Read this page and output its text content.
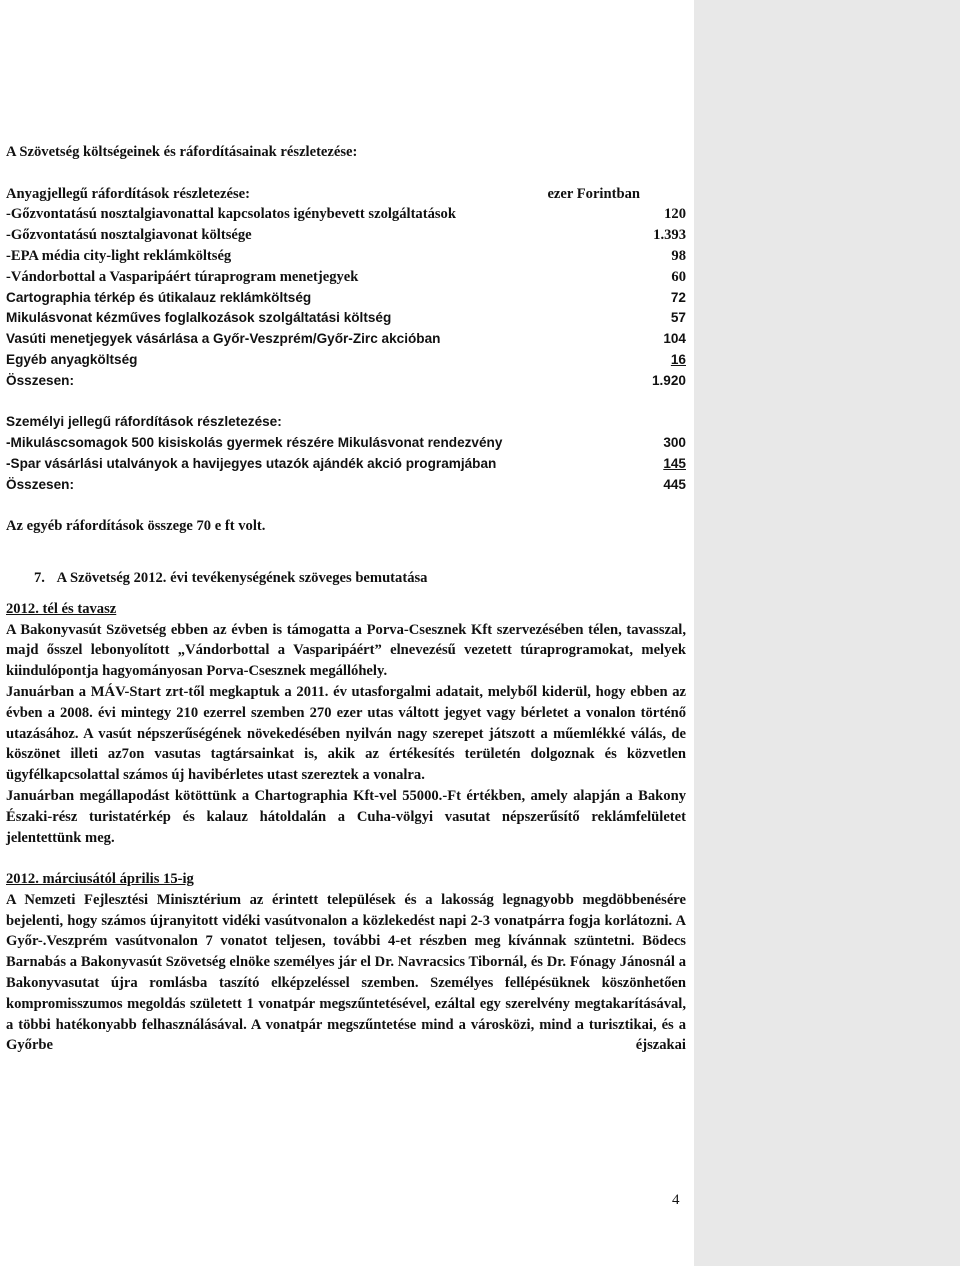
A Szövetség költségeinek és ráfordításainak részletezése:
Anyagjellegű ráfordítások részletezése:	ezer Forintban
-Gőzvontatású nosztalgiavonattal kapcsolatos igénybevett szolgáltatások	120
-Gőzvontatású nosztalgiavonat költsége	1.393
-EPA média city-light reklámköltség	98
-Vándorbottal a Vasparipáért túraprogram menetjegyek	60
Cartographia térkép és útikalauz reklámköltség	72
Mikulásvonat kézműves foglalkozások szolgáltatási költség	57
Vasúti menetjegyek vásárlása a Győr-Veszprém/Győr-Zirc akcióban	104
Egyéb anyagköltség	16
Összesen:	1.920
Személyi jellegű ráfordítások részletezése:
-Mikuláscsomagok 500 kisiskolás gyermek részére Mikulásvonat rendezvény	300
-Spar vásárlási utalványok a havijegyes utazók ajándék akció programjában	145
Összesen:	445
Az egyéb ráfordítások összege 70 e ft volt.
7. A Szövetség 2012. évi tevékenységének szöveges bemutatása
2012. tél és tavasz

A Bakonyvasút Szövetség ebben az évben is támogatta a Porva-Csesznek Kft szervezésében télen, tavasszal, majd ősszel lebonyolított „Vándorbottal a Vasparipáért” elnevezésű vezetett túraprogramokat, melyek kiindulópontja hagyományosan Porva-Csesznek megállóhely.

Januárban a MÁV-Start zrt-től megkaptuk a 2011. év utasforgalmi adatait, melyből kiderül, hogy ebben az évben a 2008. évi mintegy 210 ezerrel szemben 270 ezer utas váltott jegyet vagy bérletet a vonalon történő utazásához. A vasút népszerűségének növekedésében nyilván nagy szerepet játszott a műemlékké válás, de köszönet illeti az7on vasutas tagtársainkat is, akik az értékesítés területén dolgoznak és közvetlen ügyfélkapcsolattal számos új havibérletes utast szereztek a vonalra.

Januárban megállapodást kötöttünk a Chartographia Kft-vel 55000.-Ft értékben, amely alapján a Bakony Északi-rész turistatérkép és kalauz hátoldalán a Cuha-völgyi vasutat népszerűsítő reklámfelületet jelentettünk meg.

2012. márciusától április 15-ig

A Nemzeti Fejlesztési Minisztérium az érintett települések és a lakosság legnagyobb megdöbbenésére bejelenti, hogy számos újranyitott vidéki vasútvonalon a közlekedést napi 2-3 vonatpárra fogja korlátozni. A Győr-.Veszprém vasútvonalon 7 vonatot teljesen, további 4-et részben meg kívánnak szüntetni. Bödecs Barnabás a Bakonyvasút Szövetség elnöke személyes jár el Dr. Navracsics Tibornál, és Dr. Fónagy Jánosnál a Bakonyvasutat újra romlásba taszító elképzeléssel szemben. Személyes fellépésüknek köszönhetően kompromisszumos megoldás született 1 vonatpár megszűntetésével, ezáltal egy szerelvény megtakarításával, a többi hatékonyabb felhasználásával. A vonatpár megszűntetése mind a városközi, mind a turisztikai, és a Győrbe éjszakai

4
